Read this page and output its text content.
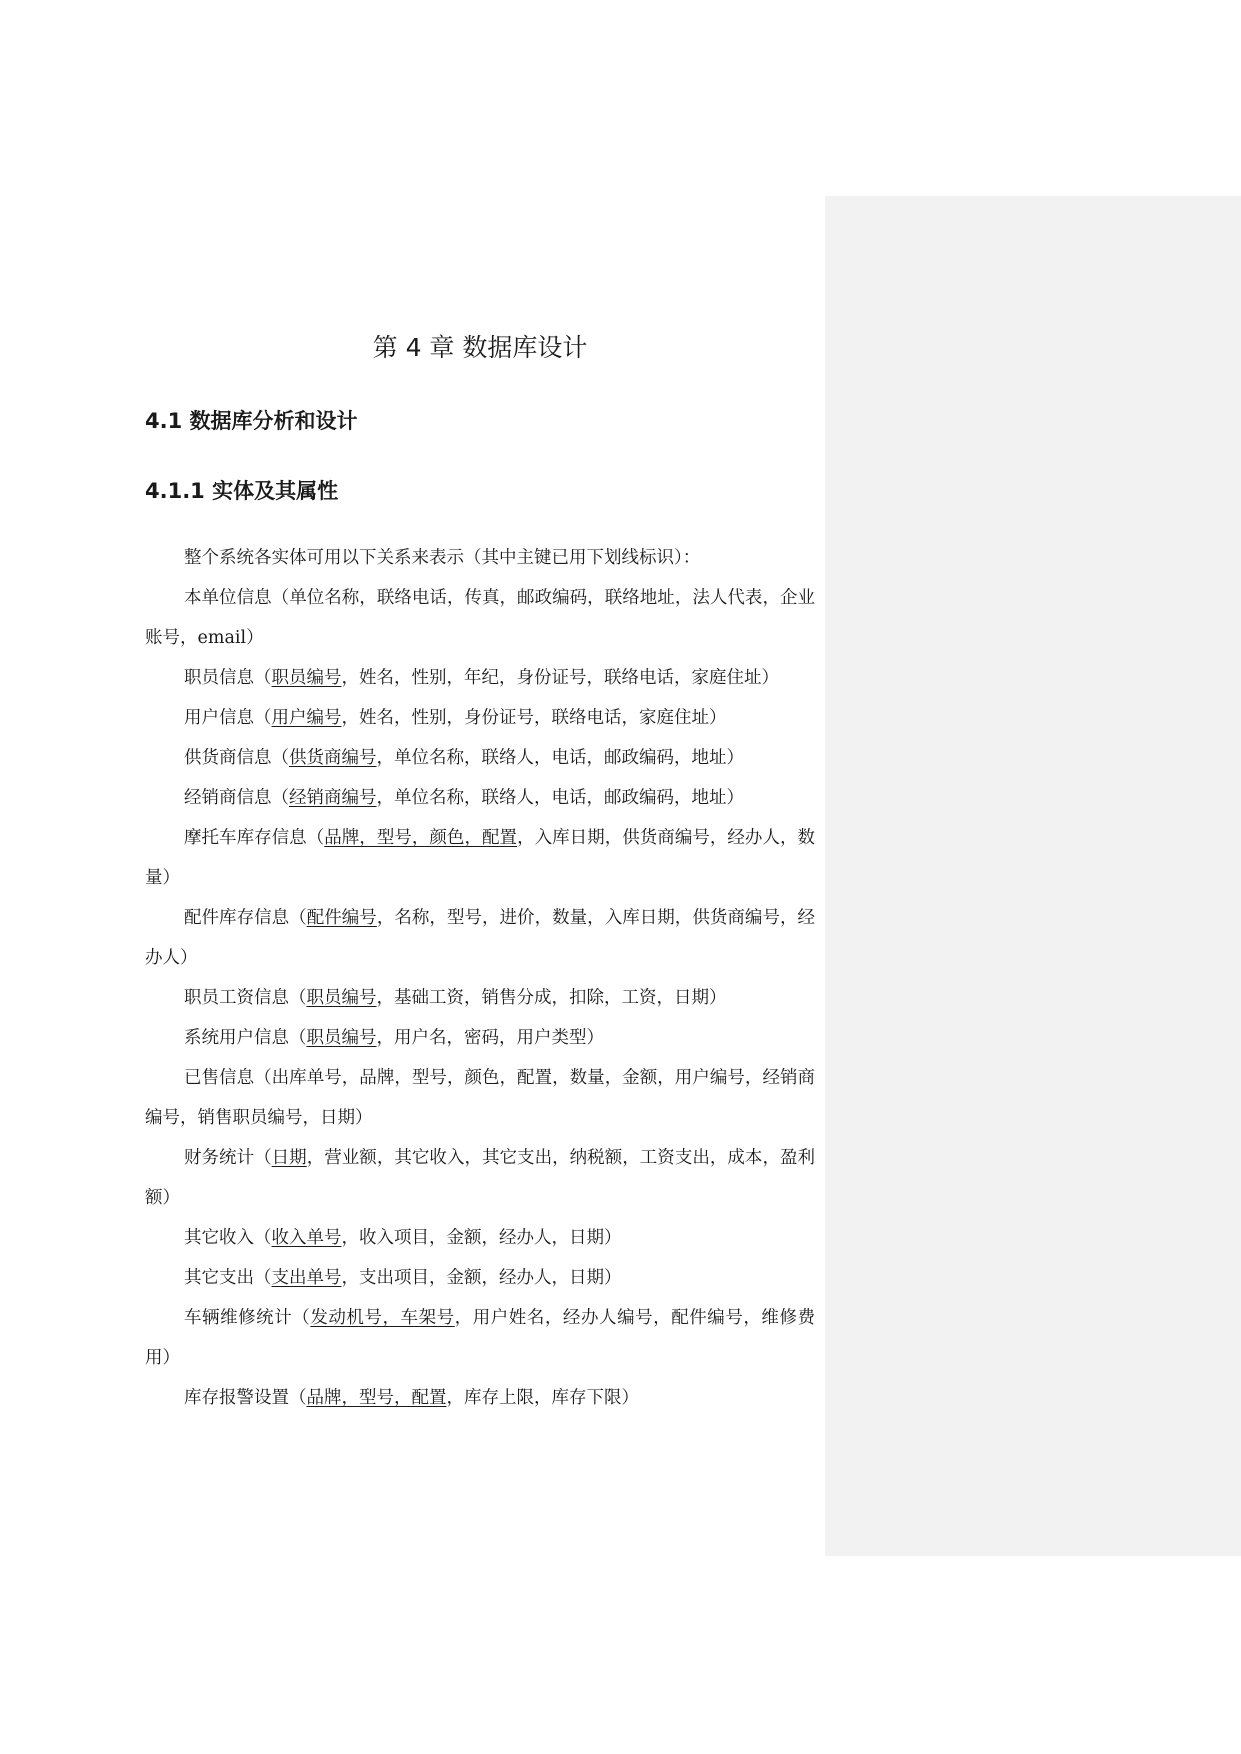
第 4 章 数据库设计
4.1 数据库分析和设计
4.1.1 实体及其属性

整个系统各实体可用以下关系来表示（其中主键已用下划线标识）：

本单位信息（单位名称，联络电话，传真，邮政编码，联络地址，法人代表，企业账号，email）

职员信息（职员编号，姓名，性别，年纪，身份证号，联络电话，家庭住址）

用户信息（用户编号，姓名，性别，身份证号，联络电话，家庭住址）

供货商信息（供货商编号，单位名称，联络人，电话，邮政编码，地址）

经销商信息（经销商编号，单位名称，联络人，电话，邮政编码，地址）

摩托车库存信息（品牌，型号，颜色，配置，入库日期，供货商编号，经办人，数量）

配件库存信息（配件编号，名称，型号，进价，数量，入库日期，供货商编号，经办人）

职员工资信息（职员编号，基础工资，销售分成，扣除，工资，日期）

系统用户信息（职员编号，用户名，密码，用户类型）

已售信息（出库单号，品牌，型号，颜色，配置，数量，金额，用户编号，经销商编号，销售职员编号，日期）

财务统计（日期，营业额，其它收入，其它支出，纳税额，工资支出，成本，盈利额）

其它收入（收入单号，收入项目，金额，经办人，日期）

其它支出（支出单号，支出项目，金额，经办人，日期）

车辆维修统计（发动机号，车架号，用户姓名，经办人编号，配件编号，维修费用）

库存报警设置（品牌，型号，配置，库存上限，库存下限）
